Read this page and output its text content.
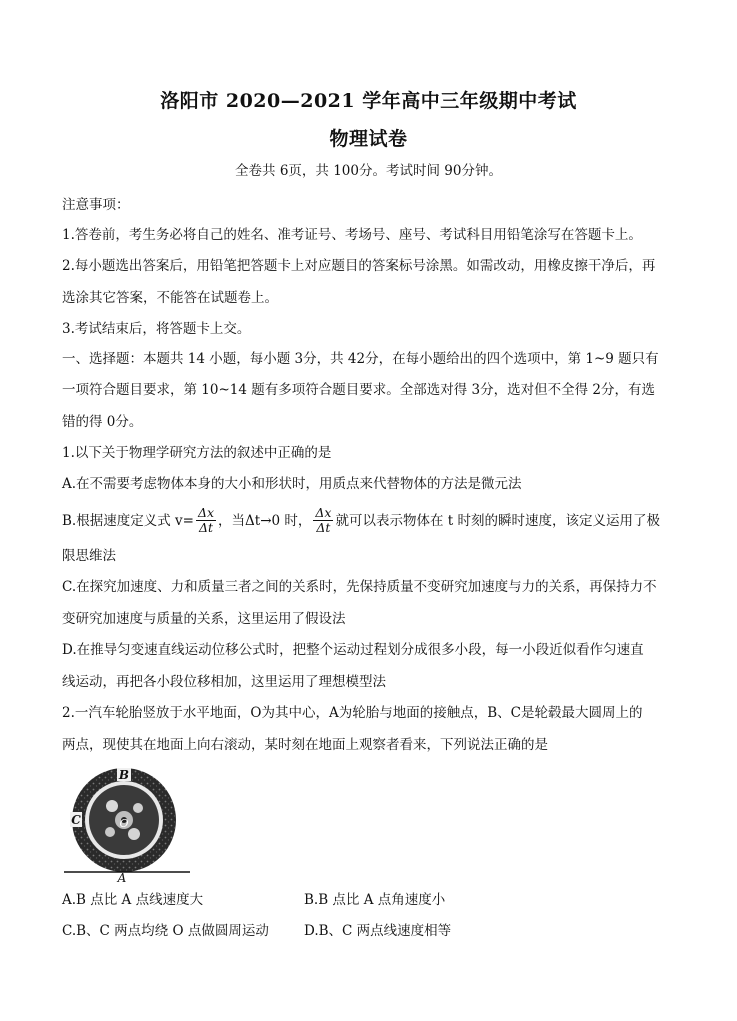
洛阳市 2020—2021 学年高中三年级期中考试
物理试卷
全卷共 6页，共 100分。考试时间 90分钟。
注意事项：
1.答卷前，考生务必将自己的姓名、准考证号、考场号、座号、考试科目用铅笔涂写在答题卡上。
2.每小题选出答案后，用铅笔把答题卡上对应题目的答案标号涂黑。如需改动，用橡皮擦干净后，再
选涂其它答案，不能答在试题卷上。
3.考试结束后，将答题卡上交。
一、选择题：本题共 14 小题，每小题 3分，共 42分，在每小题给出的四个选项中，第 1~9 题只有
一项符合题目要求，第 10~14 题有多项符合题目要求。全部选对得 3分，选对但不全得 2分，有选
错的得 0分。
1.以下关于物理学研究方法的叙述中正确的是
A.在不需要考虑物体本身的大小和形状时，用质点来代替物体的方法是微元法
B.根据速度定义式 $v= \frac{\Delta x}{\Delta t}$ ，当Δt→0 时， $\frac{\Delta x}{\Delta t}$ 就可以表示物体在 t 时刻的瞬时速度，该定义运用了极
限思维法
C.在探究加速度、力和质量三者之间的关系时，先保持质量不变研究加速度与力的关系，再保持力不
变研究加速度与质量的关系，这里运用了假设法
D.在推导匀变速直线运动位移公式时，把整个运动过程划分成很多小段，每一小段近似看作匀速直
线运动，再把各小段位移相加，这里运用了理想模型法
2.一汽车轮胎竖放于水平地面，O为其中心，A为轮胎与地面的接触点，B、C是轮毂最大圆周上的
两点，现使其在地面上向右滚动，某时刻在地面上观察者看来，下列说法正确的是
B
C	O
A
A.B 点比 A 点线速度大	B.B 点比 A 点角速度小
C.B、C 两点均绕 O 点做圆周运动	D.B、C 两点线速度相等
